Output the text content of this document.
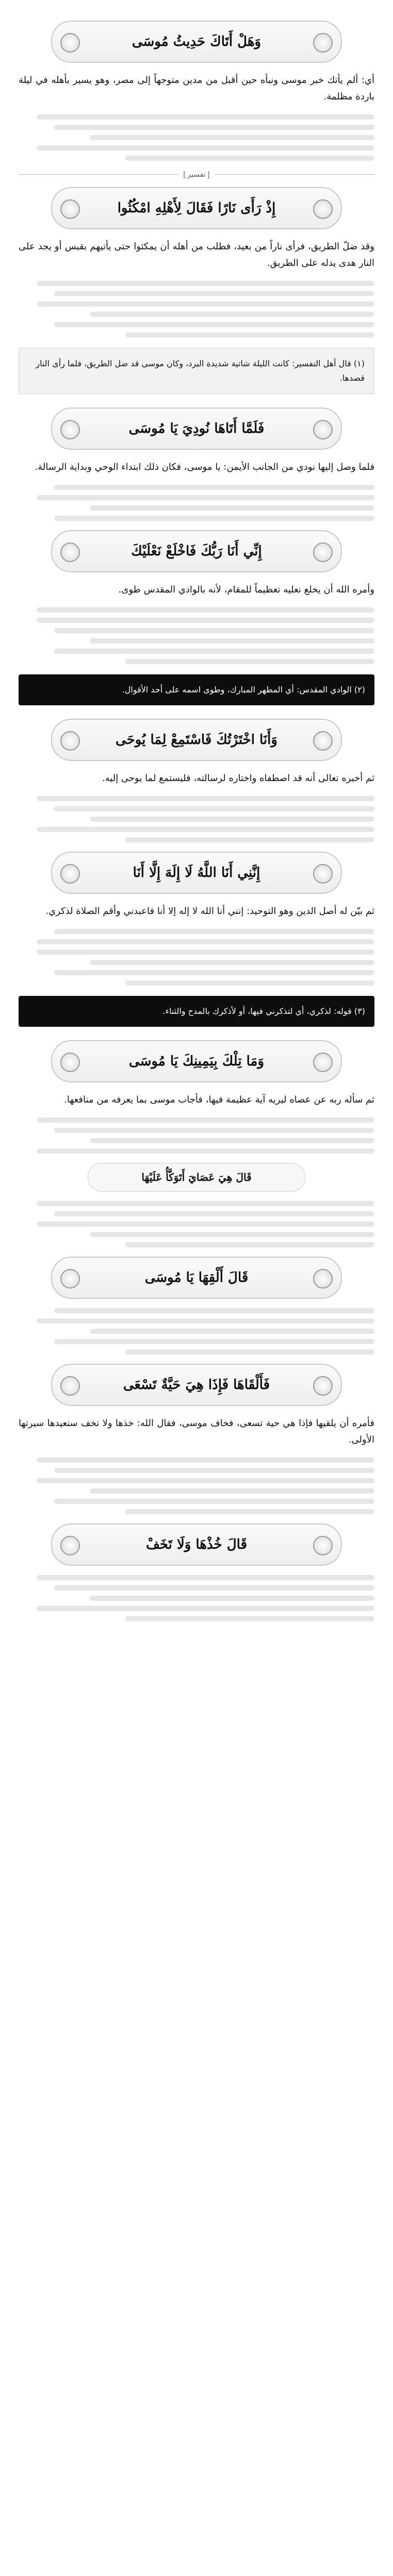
وَهَلْ أَتَاكَ حَدِيثُ مُوسَى

أي: ألم يأتك خبر موسى ونبأه حين أقبل من مدين متوجهاً إلى مصر، وهو يسير بأهله في ليلة باردة مظلمة.

[ تفسير ]
إِذْ رَأَى نَارًا فَقَالَ لِأَهْلِهِ امْكُثُوا

وقد ضلّ الطريق، فرأى ناراً من بعيد، فطلب من أهله أن يمكثوا حتى يأتيهم بقبس أو يجد على النار هدى يدله على الطريق.

(١) قال أهل التفسير: كانت الليلة شاتية شديدة البرد، وكان موسى قد ضل الطريق، فلما رأى النار قصدها.
فَلَمَّا أَتَاهَا نُودِيَ يَا مُوسَى

فلما وصل إليها نودي من الجانب الأيمن: يا موسى، فكان ذلك ابتداء الوحي وبداية الرسالة.

إِنِّي أَنَا رَبُّكَ فَاخْلَعْ نَعْلَيْكَ

وأمره الله أن يخلع نعليه تعظيماً للمقام، لأنه بالوادي المقدس طوى.

(٢) الوادي المقدس: أي المطهر المبارك، وطوى اسمه على أحد الأقوال.
وَأَنَا اخْتَرْتُكَ فَاسْتَمِعْ لِمَا يُوحَى

ثم أخبره تعالى أنه قد اصطفاه واختاره لرسالته، فليستمع لما يوحى إليه.

إِنَّنِي أَنَا اللَّهُ لَا إِلَهَ إِلَّا أَنَا

ثم بيّن له أصل الدين وهو التوحيد: إنني أنا الله لا إله إلا أنا فاعبدني وأقم الصلاة لذكري.

(٣) قوله: لذكري، أي لتذكرني فيها، أو لأذكرك بالمدح والثناء.
وَمَا تِلْكَ بِيَمِينِكَ يَا مُوسَى

ثم سأله ربه عن عصاه ليريه آية عظيمة فيها، فأجاب موسى بما يعرفه من منافعها.

قَالَ هِيَ عَصَايَ أَتَوَكَّأُ عَلَيْهَا
قَالَ أَلْقِهَا يَا مُوسَى
فَأَلْقَاهَا فَإِذَا هِيَ حَيَّةٌ تَسْعَى

فأمره أن يلقيها فإذا هي حية تسعى، فخاف موسى، فقال الله: خذها ولا تخف سنعيدها سيرتها الأولى.

قَالَ خُذْهَا وَلَا تَخَفْ
